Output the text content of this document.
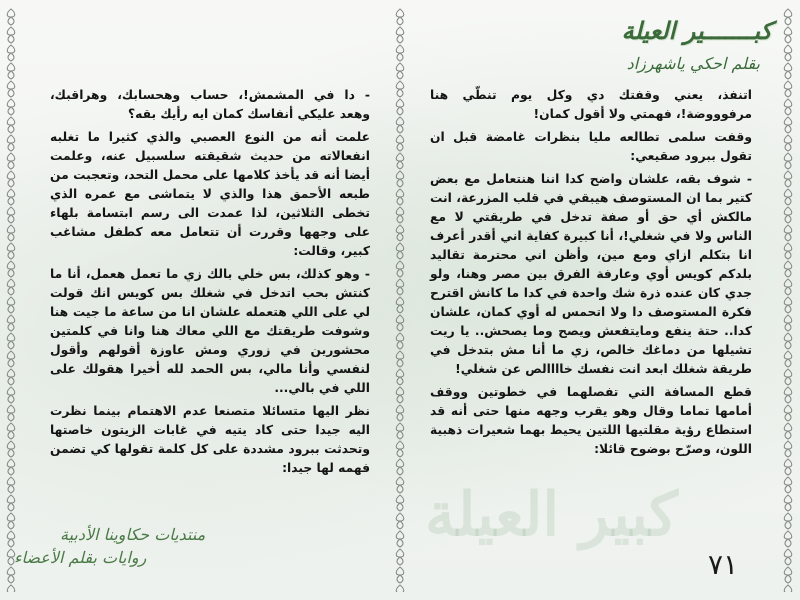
كبير العيلة
كبـــــــير العيلة
بقلم احكي ياشهرزاد

- دا في المشمش!، حساب وهحسابك، وهراقبك، وهعد عليكي أنفاسك كمان ايه رأيك بقه؟

علمت أنه من النوع العصبي والذي كثيرا ما تغلبه انفعالاته من حديث شقيقته سلسبيل عنه، وعلمت أيضا أنه قد يأخذ كلامها على محمل التحد، وتعجبت من طبعه الأحمق هذا والذي لا يتماشى مع عمره الذي تخطى الثلاثين، لذا عمدت الى رسم ابتسامة بلهاء على وجهها وقررت أن تتعامل معه كطفل مشاغب كبير، وقالت:

- وهو كذلك، بس خلي بالك زي ما تعمل هعمل، أنا ما كنتش بحب اتدخل في شغلك بس كويس انك قولت لي على اللي هتعمله علشان انا من ساعة ما جيت هنا وشوفت طريقتك مع اللي معاك هنا وانا في كلمتين محشورين في زوري ومش عاوزة أقولهم وأقول لنفسي وأنا مالي، بس الحمد لله أخيرا هقولك على اللي في بالي...

نظر اليها متسائلا متصنعا عدم الاهتمام بينما نظرت اليه جيدا حتى كاد يتيه في غابات الزيتون خاصتها وتحدثت ببرود مشددة على كل كلمة تقولها كي تضمن فهمه لها جيدا:

اتنفذ، يعني وقفتك دي وكل يوم تنطّي هنا مرفوووضة!، فهمتي ولا أقول كمان!

وقفت سلمى تطالعه مليا بنظرات غامضة قبل ان تقول ببرود صقيعي:

- شوف بقه، علشان واضح كدا اننا هنتعامل مع بعض كتير بما ان المستوصف هيبقي في قلب المزرعة، انت مالكش أي حق أو صفة تدخل في طريقتي لا مع الناس ولا في شغلي!، أنا كبيرة كفاية اني أقدر أعرف انا بتكلم ازاي ومع مين، وأظن اني محترمة تقاليد بلدكم كويس أوي وعارفة الفرق بين مصر وهنا، ولو جدي كان عنده ذرة شك واحدة في كدا ما كانش اقترح فكرة المستوصف دا ولا اتحمس له أوي كمان، علشان كدا.. حتة ينفع ومايتفعش ويصح وما يصحش.. يا ريت تشيلها من دماغك خالص، زي ما أنا مش بتدخل في طريقة شغلك ابعد انت نفسك خاااالص عن شغلي!

قطع المسافة التي تفصلهما في خطوتين ووقف أمامها تماما وقال وهو يقرب وجهه منها حتى أنه قد استطاع رؤية مقلتيها اللتين يحيط بهما شعيرات ذهبية اللون، وصرّح بوضوح قائلا:

منتديات حكاوينا الأدبية
روايات بقلم الأعضاء	٧١
